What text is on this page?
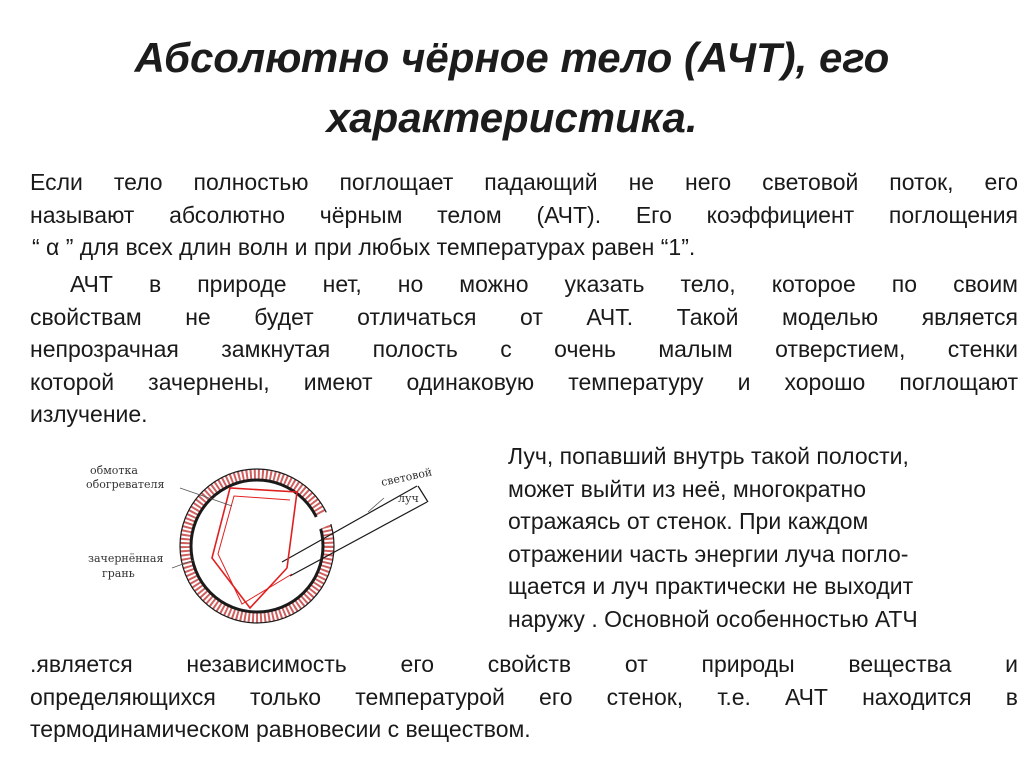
Абсолютно чёрное тело (АЧТ), его
характеристика.
Если тело полностью поглощает падающий не него световой поток, его
называют абсолютно чёрным телом (АЧТ). Его коэффициент поглощения
“ α ” для всех длин волн и при любых температурах равен “1”.
АЧТ в природе нет, но можно указать тело, которое по своим
свойствам не будет отличаться от АЧТ. Такой моделью является
непрозрачная замкнутая полость с очень малым отверстием, стенки
которой зачернены, имеют одинаковую температуру и хорошо поглощают
излучение.
обмотка
обогревателя
зачернённая
грань
световой
луч
Луч, попавший внутрь такой полости,
может выйти из неё, многократно
отражаясь от стенок. При каждом
отражении часть энергии луча погло-
щается и луч практически не выходит
наружу . Основной особенностью АТЧ
.является независимость его свойств от природы вещества и
определяющихся только температурой его стенок, т.е. АЧТ находится в
термодинамическом равновесии с веществом.
